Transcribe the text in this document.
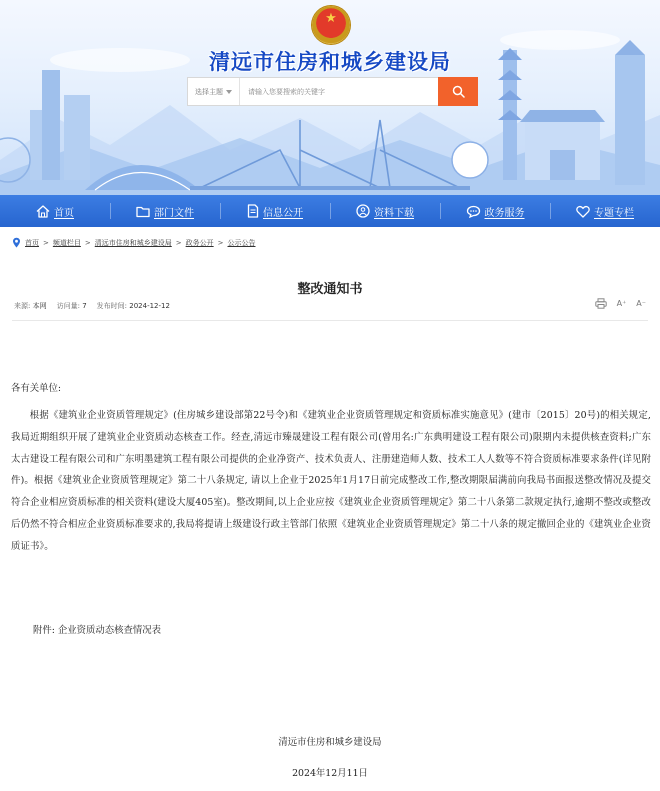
★
清远市住房和城乡建设局
选择主题
请输入您要搜索的关键字
首页	部门文件	信息公开	资料下载	政务服务	专题专栏
首页 > 频道栏目 > 清远市住房和城乡建设局 > 政务公开 > 公示公告
整改通知书
来源: 本网 访问量: 7 发布时间: 2024-12-12	A⁺ A⁻
各有关单位:
根据《建筑业企业资质管理规定》(住房城乡建设部第22号令)和《建筑业企业资质管理规定和资质标准实施意见》(建市〔2015〕20号)的相关规定,我局近期组织开展了建筑业企业资质动态核查工作。经查,清远市臻晟建设工程有限公司(曾用名:广东典明建设工程有限公司)限期内未提供核查资料;广东太古建设工程有限公司和广东明墨建筑工程有限公司提供的企业净资产、技术负责人、注册建造师人数、技术工人人数等不符合资质标准要求条件(详见附件)。根据《建筑业企业资质管理规定》第二十八条规定, 请以上企业于2025年1月17日前完成整改工作,整改期限届满前向我局书面报送整改情况及提交符合企业相应资质标准的相关资料(建设大厦405室)。整改期间,以上企业应按《建筑业企业资质管理规定》第二十八条第二款规定执行,逾期不整改或整改后仍然不符合相应企业资质标准要求的,我局将提请上级建设行政主管部门依照《建筑业企业资质管理规定》第二十八条的规定撤回企业的《建筑业企业资质证书》。
附件: 企业资质动态核查情况表
清远市住房和城乡建设局
2024年12月11日
